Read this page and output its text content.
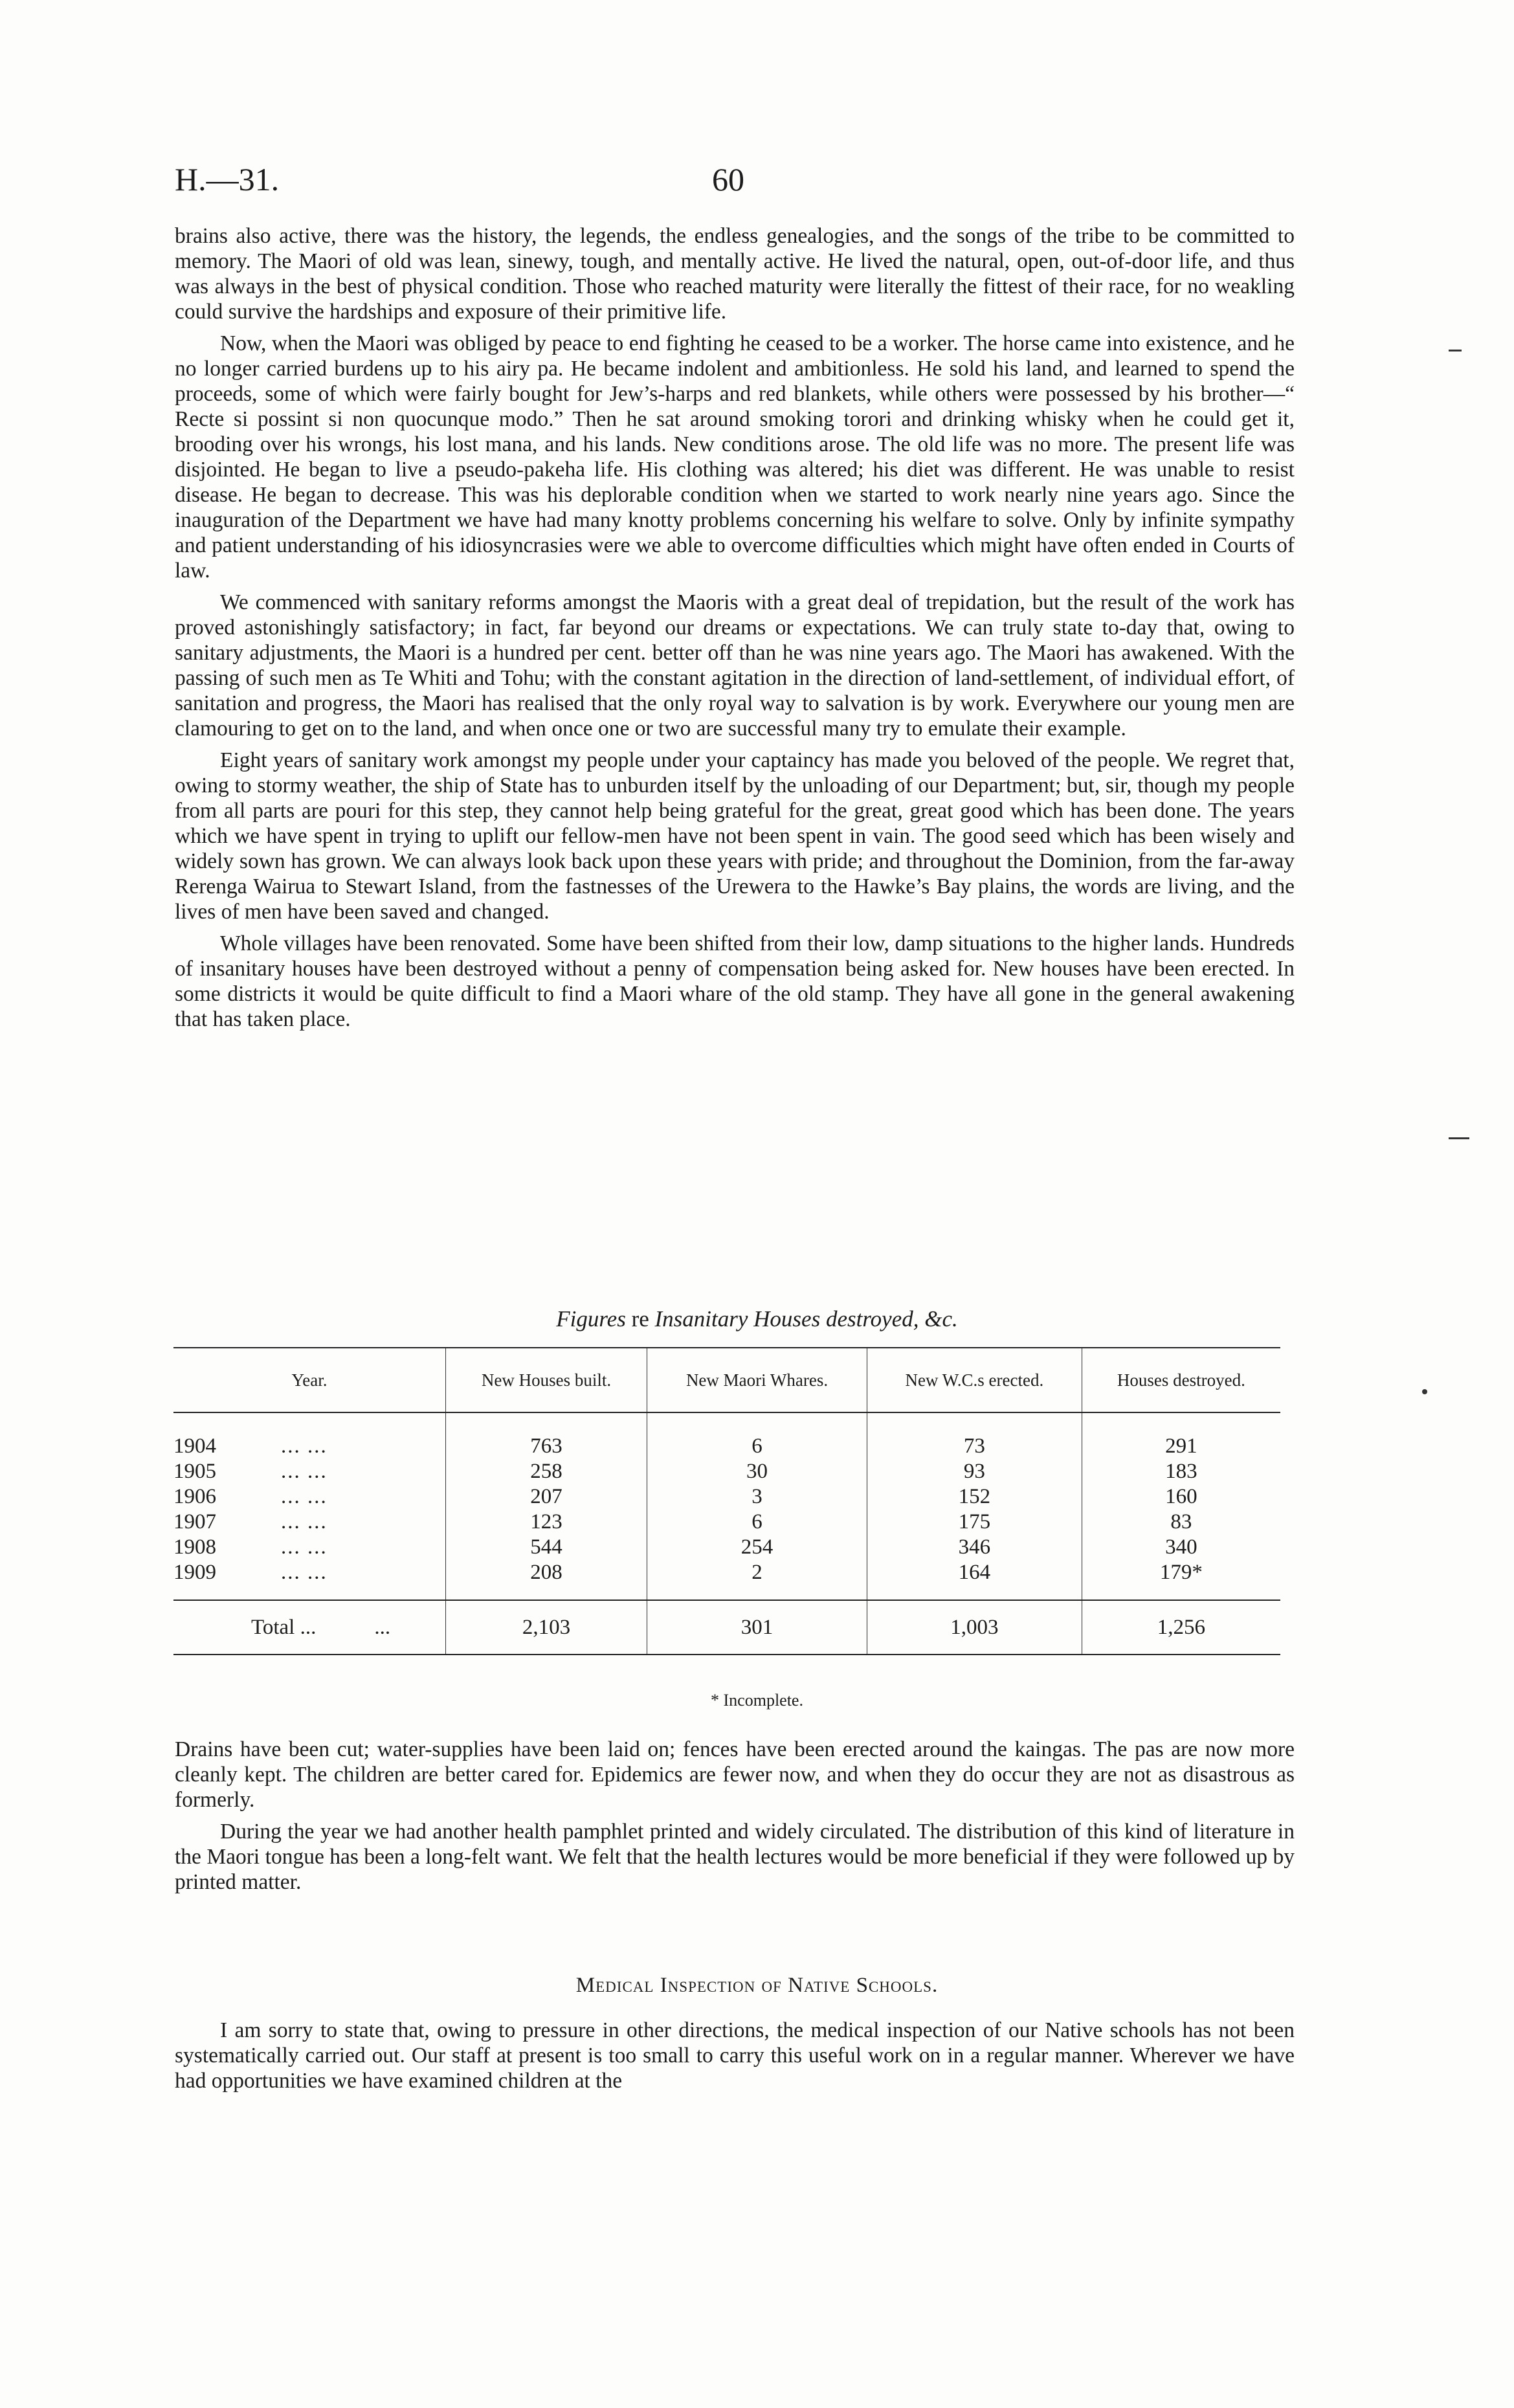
H.—31.	60

brains also active, there was the history, the legends, the endless genealogies, and the songs of the tribe to be committed to memory. The Maori of old was lean, sinewy, tough, and mentally active. He lived the natural, open, out-of-door life, and thus was always in the best of physical condition. Those who reached maturity were literally the fittest of their race, for no weakling could survive the hardships and exposure of their primitive life.

Now, when the Maori was obliged by peace to end fighting he ceased to be a worker. The horse came into existence, and he no longer carried burdens up to his airy pa. He became indolent and ambitionless. He sold his land, and learned to spend the proceeds, some of which were fairly bought for Jew’s-harps and red blankets, while others were possessed by his brother—“ Recte si possint si non quocunque modo.” Then he sat around smoking torori and drinking whisky when he could get it, brooding over his wrongs, his lost mana, and his lands. New conditions arose. The old life was no more. The present life was disjointed. He began to live a pseudo-pakeha life. His clothing was altered; his diet was different. He was unable to resist disease. He began to decrease. This was his deplorable condition when we started to work nearly nine years ago. Since the inauguration of the Department we have had many knotty problems concerning his welfare to solve. Only by infinite sympathy and patient understanding of his idiosyncrasies were we able to overcome difficulties which might have often ended in Courts of law.

We commenced with sanitary reforms amongst the Maoris with a great deal of trepidation, but the result of the work has proved astonishingly satisfactory; in fact, far beyond our dreams or expectations. We can truly state to-day that, owing to sanitary adjustments, the Maori is a hundred per cent. better off than he was nine years ago. The Maori has awakened. With the passing of such men as Te Whiti and Tohu; with the constant agitation in the direction of land-settlement, of individual effort, of sanitation and progress, the Maori has realised that the only royal way to salvation is by work. Everywhere our young men are clamouring to get on to the land, and when once one or two are successful many try to emulate their example.

Eight years of sanitary work amongst my people under your captaincy has made you beloved of the people. We regret that, owing to stormy weather, the ship of State has to unburden itself by the unloading of our Department; but, sir, though my people from all parts are pouri for this step, they cannot help being grateful for the great, great good which has been done. The years which we have spent in trying to uplift our fellow-men have not been spent in vain. The good seed which has been wisely and widely sown has grown. We can always look back upon these years with pride; and throughout the Dominion, from the far-away Rerenga Wairua to Stewart Island, from the fastnesses of the Urewera to the Hawke’s Bay plains, the words are living, and the lives of men have been saved and changed.

Whole villages have been renovated. Some have been shifted from their low, damp situations to the higher lands. Hundreds of insanitary houses have been destroyed without a penny of compensation being asked for. New houses have been erected. In some districts it would be quite difficult to find a Maori whare of the old stamp. They have all gone in the general awakening that has taken place.

Figures re Insanitary Houses destroyed, &c.
Year.	New Houses built.	New Maori Whares.	New W.C.s erected.	Houses destroyed.
1904 ... ...	763	6	73	291
1905 ... ...	258	30	93	183
1906 ... ...	207	3	152	160
1907 ... ...	123	6	175	83
1908 ... ...	544	254	346	340
1909 ... ...	208	2	164	179*
Total ... ...	2,103	301	1,003	1,256
* Incomplete.

Drains have been cut; water-supplies have been laid on; fences have been erected around the kaingas. The pas are now more cleanly kept. The children are better cared for. Epidemics are fewer now, and when they do occur they are not as disastrous as formerly.

During the year we had another health pamphlet printed and widely circulated. The distribution of this kind of literature in the Maori tongue has been a long-felt want. We felt that the health lectures would be more beneficial if they were followed up by printed matter.

Medical Inspection of Native Schools.

I am sorry to state that, owing to pressure in other directions, the medical inspection of our Native schools has not been systematically carried out. Our staff at present is too small to carry this useful work on in a regular manner. Wherever we have had opportunities we have examined children at the
